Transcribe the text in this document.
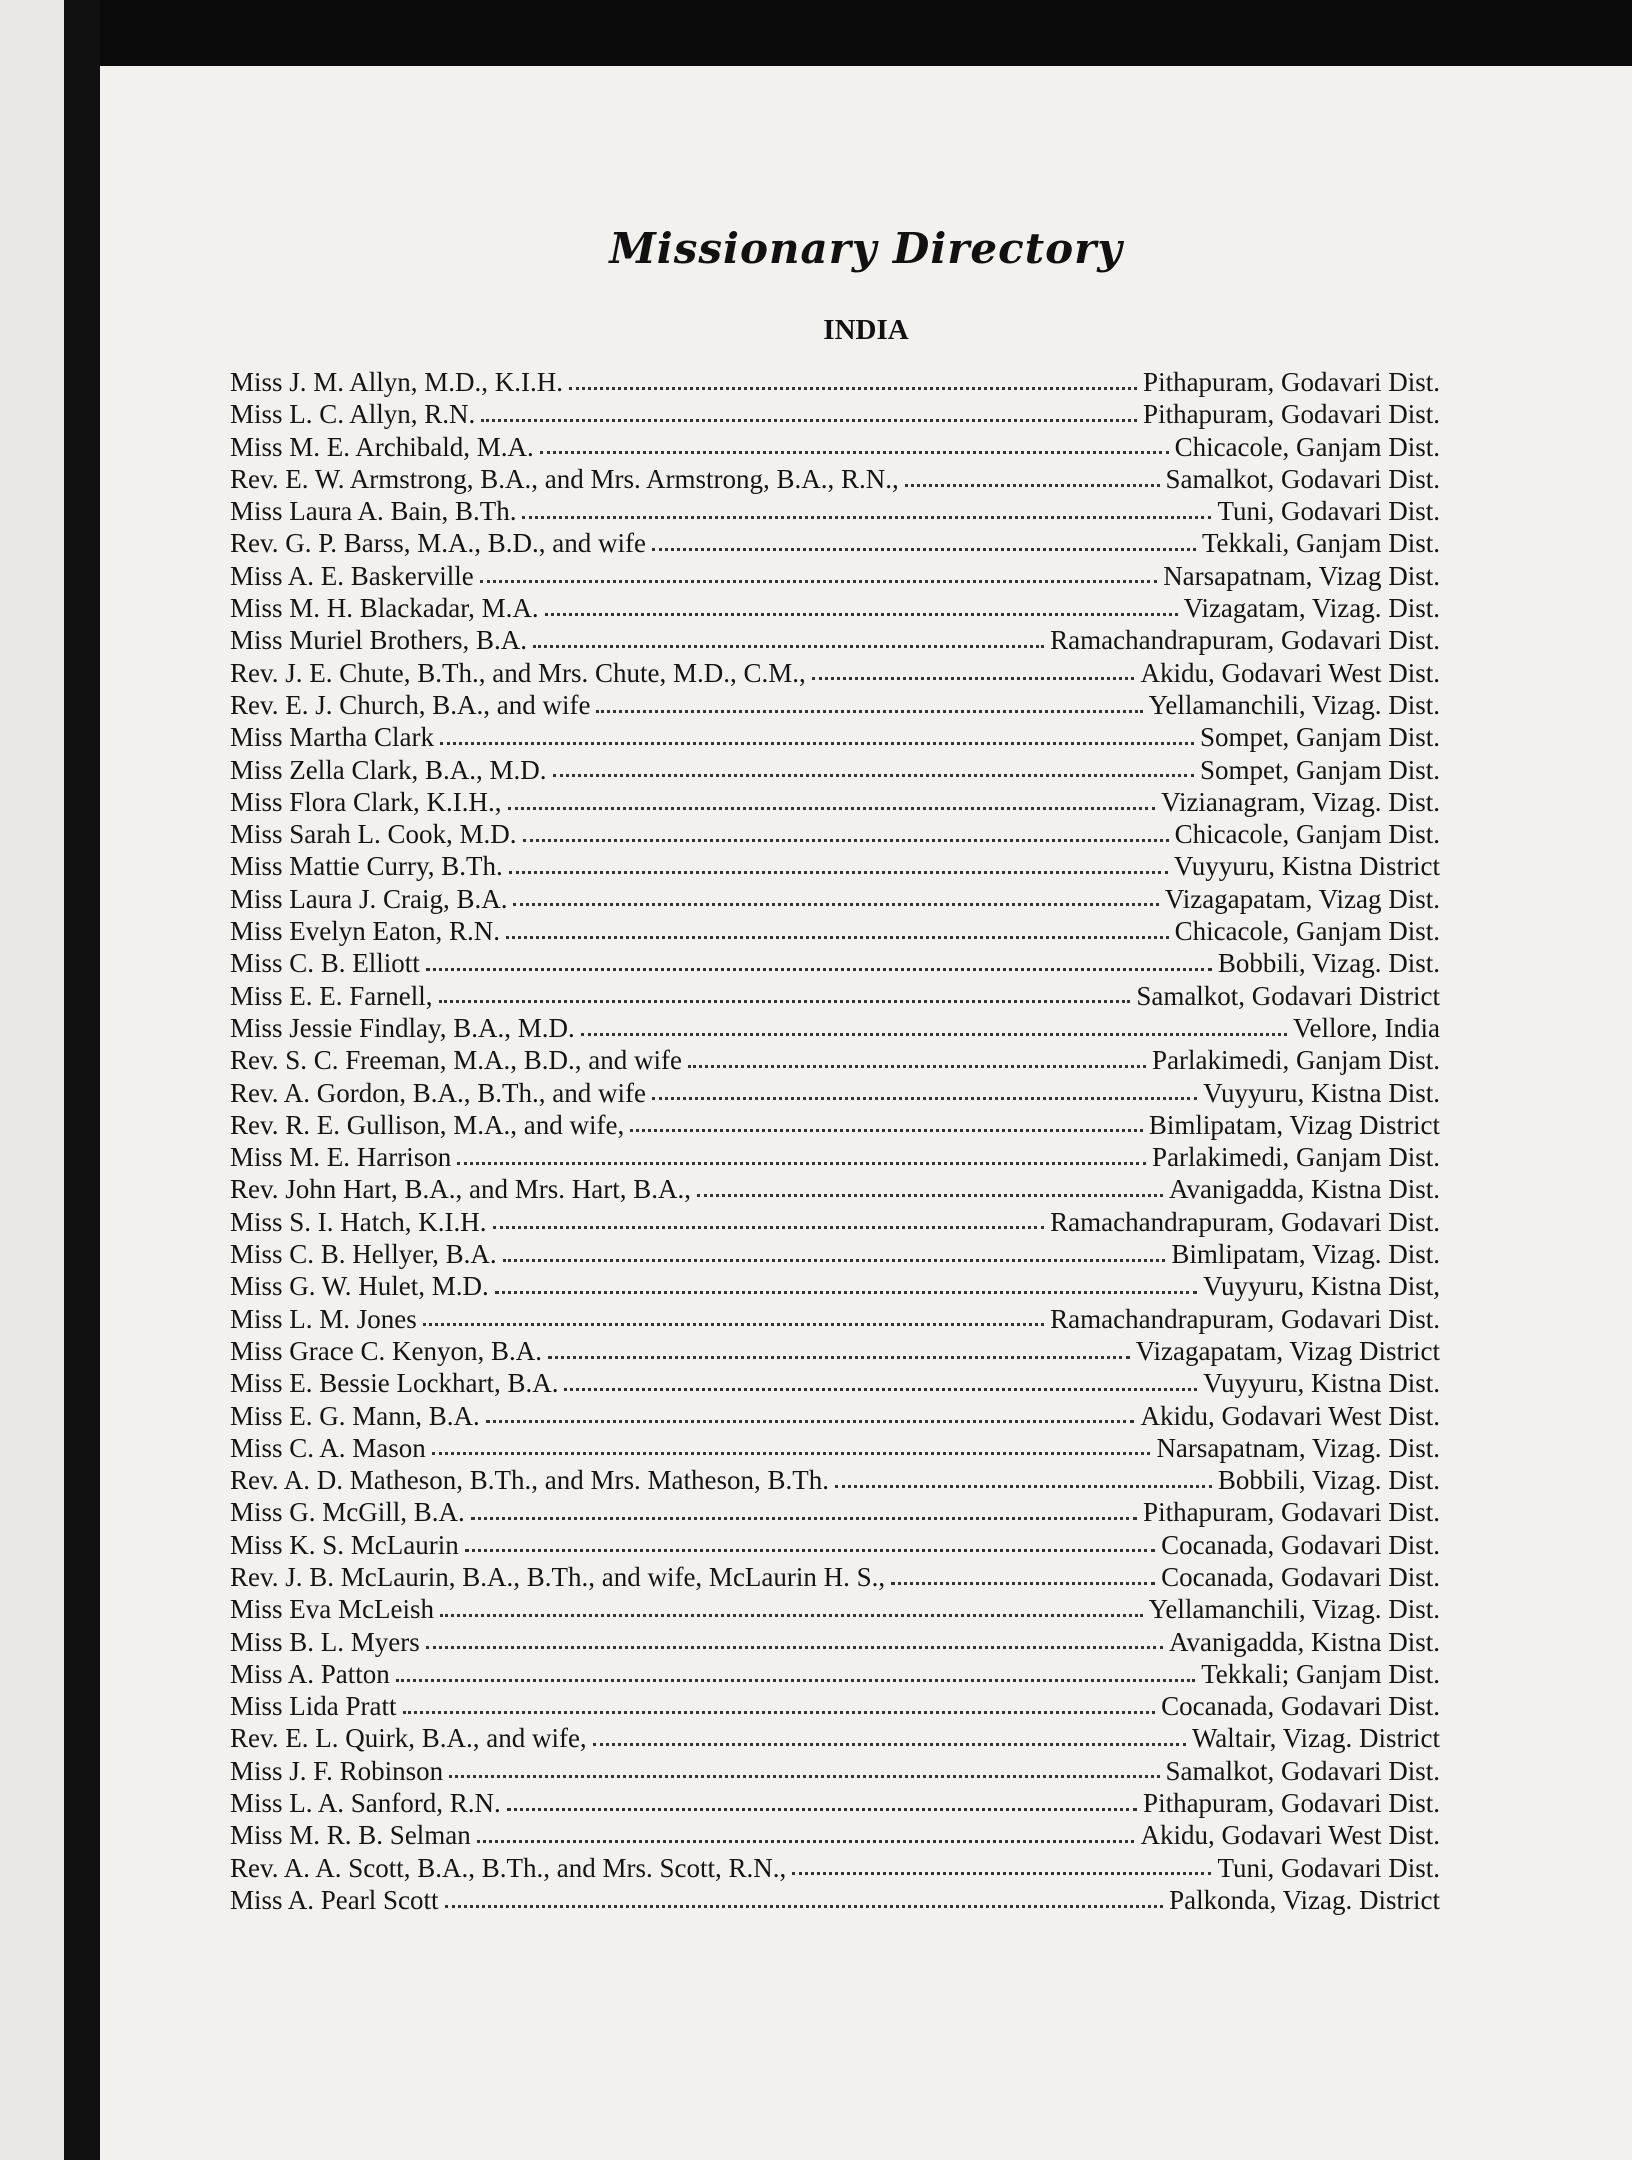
Missionary Directory
INDIA
Miss J. M. Allyn, M.D., K.I.H.	Pithapuram, Godavari Dist.
Miss L. C. Allyn, R.N.	Pithapuram, Godavari Dist.
Miss M. E. Archibald, M.A.	Chicacole, Ganjam Dist.
Rev. E. W. Armstrong, B.A., and Mrs. Armstrong, B.A., R.N.,	Samalkot, Godavari Dist.
Miss Laura A. Bain, B.Th.	Tuni, Godavari Dist.
Rev. G. P. Barss, M.A., B.D., and wife	Tekkali, Ganjam Dist.
Miss A. E. Baskerville	Narsapatnam, Vizag Dist.
Miss M. H. Blackadar, M.A.	Vizagatam, Vizag. Dist.
Miss Muriel Brothers, B.A.	Ramachandrapuram, Godavari Dist.
Rev. J. E. Chute, B.Th., and Mrs. Chute, M.D., C.M.,	Akidu, Godavari West Dist.
Rev. E. J. Church, B.A., and wife	Yellamanchili, Vizag. Dist.
Miss Martha Clark	Sompet, Ganjam Dist.
Miss Zella Clark, B.A., M.D.	Sompet, Ganjam Dist.
Miss Flora Clark, K.I.H.,	Vizianagram, Vizag. Dist.
Miss Sarah L. Cook, M.D.	Chicacole, Ganjam Dist.
Miss Mattie Curry, B.Th.	Vuyyuru, Kistna District
Miss Laura J. Craig, B.A.	Vizagapatam, Vizag Dist.
Miss Evelyn Eaton, R.N.	Chicacole, Ganjam Dist.
Miss C. B. Elliott	Bobbili, Vizag. Dist.
Miss E. E. Farnell,	Samalkot, Godavari District
Miss Jessie Findlay, B.A., M.D.	Vellore, India
Rev. S. C. Freeman, M.A., B.D., and wife	Parlakimedi, Ganjam Dist.
Rev. A. Gordon, B.A., B.Th., and wife	Vuyyuru, Kistna Dist.
Rev. R. E. Gullison, M.A., and wife,	Bimlipatam, Vizag District
Miss M. E. Harrison	Parlakimedi, Ganjam Dist.
Rev. John Hart, B.A., and Mrs. Hart, B.A.,	Avanigadda, Kistna Dist.
Miss S. I. Hatch, K.I.H.	Ramachandrapuram, Godavari Dist.
Miss C. B. Hellyer, B.A.	Bimlipatam, Vizag. Dist.
Miss G. W. Hulet, M.D.	Vuyyuru, Kistna Dist,
Miss L. M. Jones	Ramachandrapuram, Godavari Dist.
Miss Grace C. Kenyon, B.A.	Vizagapatam, Vizag District
Miss E. Bessie Lockhart, B.A.	Vuyyuru, Kistna Dist.
Miss E. G. Mann, B.A.	Akidu, Godavari West Dist.
Miss C. A. Mason	Narsapatnam, Vizag. Dist.
Rev. A. D. Matheson, B.Th., and Mrs. Matheson, B.Th.	Bobbili, Vizag. Dist.
Miss G. McGill, B.A.	Pithapuram, Godavari Dist.
Miss K. S. McLaurin	Cocanada, Godavari Dist.
Rev. J. B. McLaurin, B.A., B.Th., and wife, McLaurin H. S.,	Cocanada, Godavari Dist.
Miss Eva McLeish	Yellamanchili, Vizag. Dist.
Miss B. L. Myers	Avanigadda, Kistna Dist.
Miss A. Patton	Tekkali; Ganjam Dist.
Miss Lida Pratt	Cocanada, Godavari Dist.
Rev. E. L. Quirk, B.A., and wife,	Waltair, Vizag. District
Miss J. F. Robinson	Samalkot, Godavari Dist.
Miss L. A. Sanford, R.N.	Pithapuram, Godavari Dist.
Miss M. R. B. Selman	Akidu, Godavari West Dist.
Rev. A. A. Scott, B.A., B.Th., and Mrs. Scott, R.N.,	Tuni, Godavari Dist.
Miss A. Pearl Scott	Palkonda, Vizag. District
